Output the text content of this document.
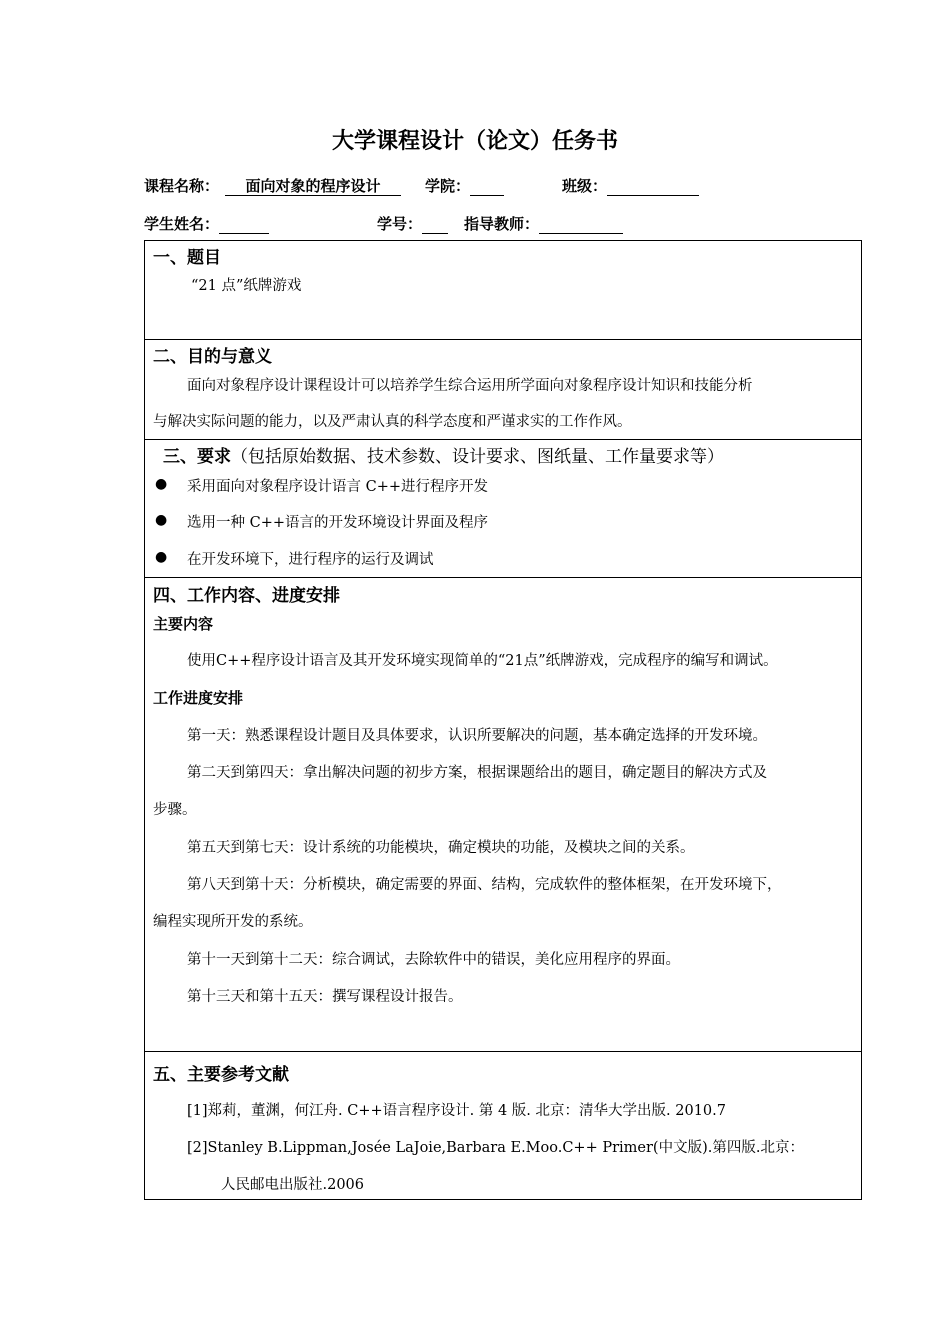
大学课程设计（论文）任务书
课程名称：	面向对象的程序设计	学院：	班级：
学生姓名：	学号：	指导教师：
一、题目
“21 点”纸牌游戏
二、目的与意义
面向对象程序设计课程设计可以培养学生综合运用所学面向对象程序设计知识和技能分析
与解决实际问题的能力，以及严肃认真的科学态度和严谨求实的工作作风。
三、要求（包括原始数据、技术参数、设计要求、图纸量、工作量要求等）
● 采用面向对象程序设计语言 C++进行程序开发
● 选用一种 C++语言的开发环境设计界面及程序
● 在开发环境下，进行程序的运行及调试
四、工作内容、进度安排
主要内容
使用C++程序设计语言及其开发环境实现简单的“21点”纸牌游戏，完成程序的编写和调试。
工作进度安排
第一天：熟悉课程设计题目及具体要求，认识所要解决的问题，基本确定选择的开发环境。
第二天到第四天：拿出解决问题的初步方案，根据课题给出的题目，确定题目的解决方式及
步骤。
第五天到第七天：设计系统的功能模块，确定模块的功能，及模块之间的关系。
第八天到第十天：分析模块，确定需要的界面、结构，完成软件的整体框架，在开发环境下，
编程实现所开发的系统。
第十一天到第十二天：综合调试，去除软件中的错误，美化应用程序的界面。
第十三天和第十五天：撰写课程设计报告。
五、主要参考文献
[1]郑莉，董渊，何江舟. C++语言程序设计. 第 4 版. 北京：清华大学出版. 2010.7
[2]Stanley B.Lippman,Josée LaJoie,Barbara E.Moo.C++ Primer(中文版).第四版.北京：
人民邮电出版社.2006
